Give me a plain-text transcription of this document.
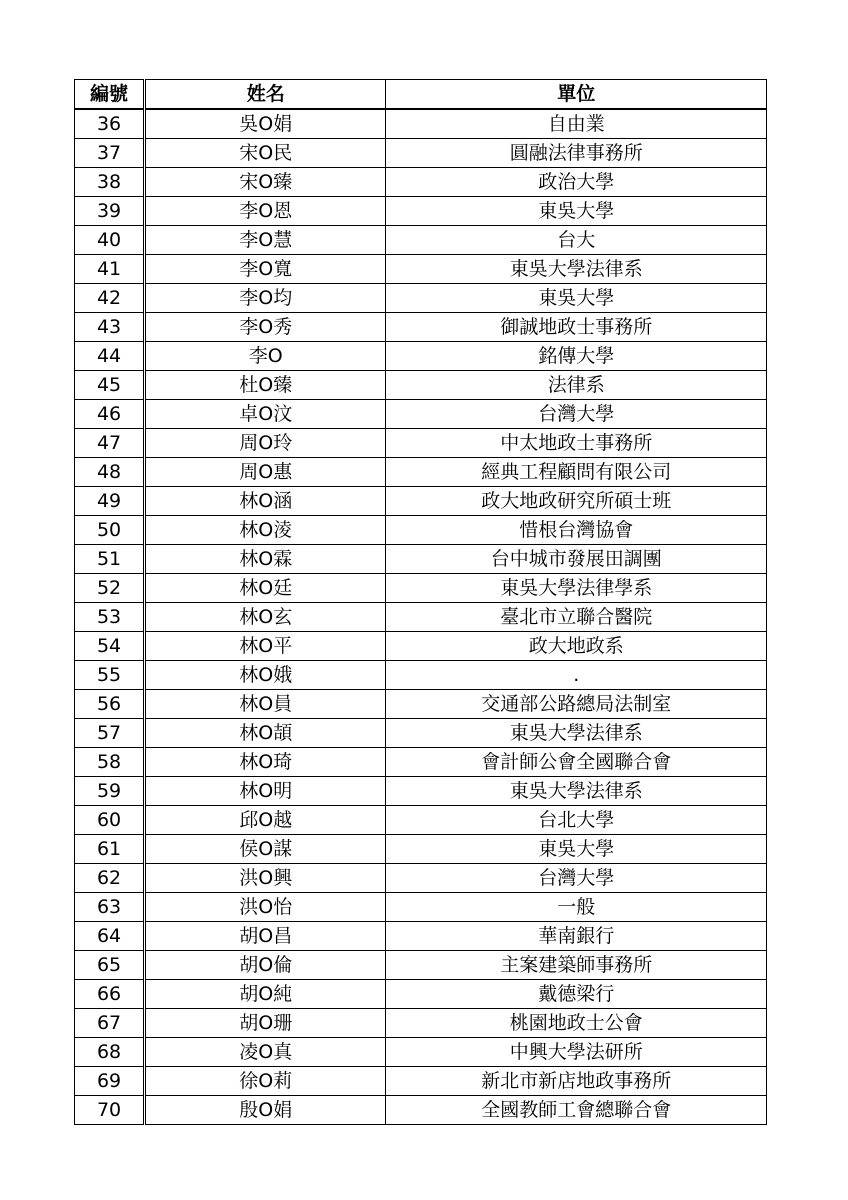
編號	姓名	單位
36	吳O娟	自由業
37	宋O民	圓融法律事務所
38	宋O臻	政治大學
39	李O恩	東吳大學
40	李O慧	台大
41	李O寬	東吳大學法律系
42	李O均	東吳大學
43	李O秀	御誠地政士事務所
44	李O	銘傳大學
45	杜O臻	法律系
46	卓O汶	台灣大學
47	周O玲	中太地政士事務所
48	周O惠	經典工程顧問有限公司
49	林O涵	政大地政研究所碩士班
50	林O淩	惜根台灣協會
51	林O霖	台中城市發展田調團
52	林O廷	東吳大學法律學系
53	林O玄	臺北市立聯合醫院
54	林O平	政大地政系
55	林O娥	.
56	林O員	交通部公路總局法制室
57	林O頡	東吳大學法律系
58	林O琦	會計師公會全國聯合會
59	林O明	東吳大學法律系
60	邱O越	台北大學
61	侯O謀	東吳大學
62	洪O興	台灣大學
63	洪O怡	一般
64	胡O昌	華南銀行
65	胡O倫	主案建築師事務所
66	胡O純	戴德梁行
67	胡O珊	桃園地政士公會
68	凌O真	中興大學法研所
69	徐O莉	新北市新店地政事務所
70	殷O娟	全國教師工會總聯合會
